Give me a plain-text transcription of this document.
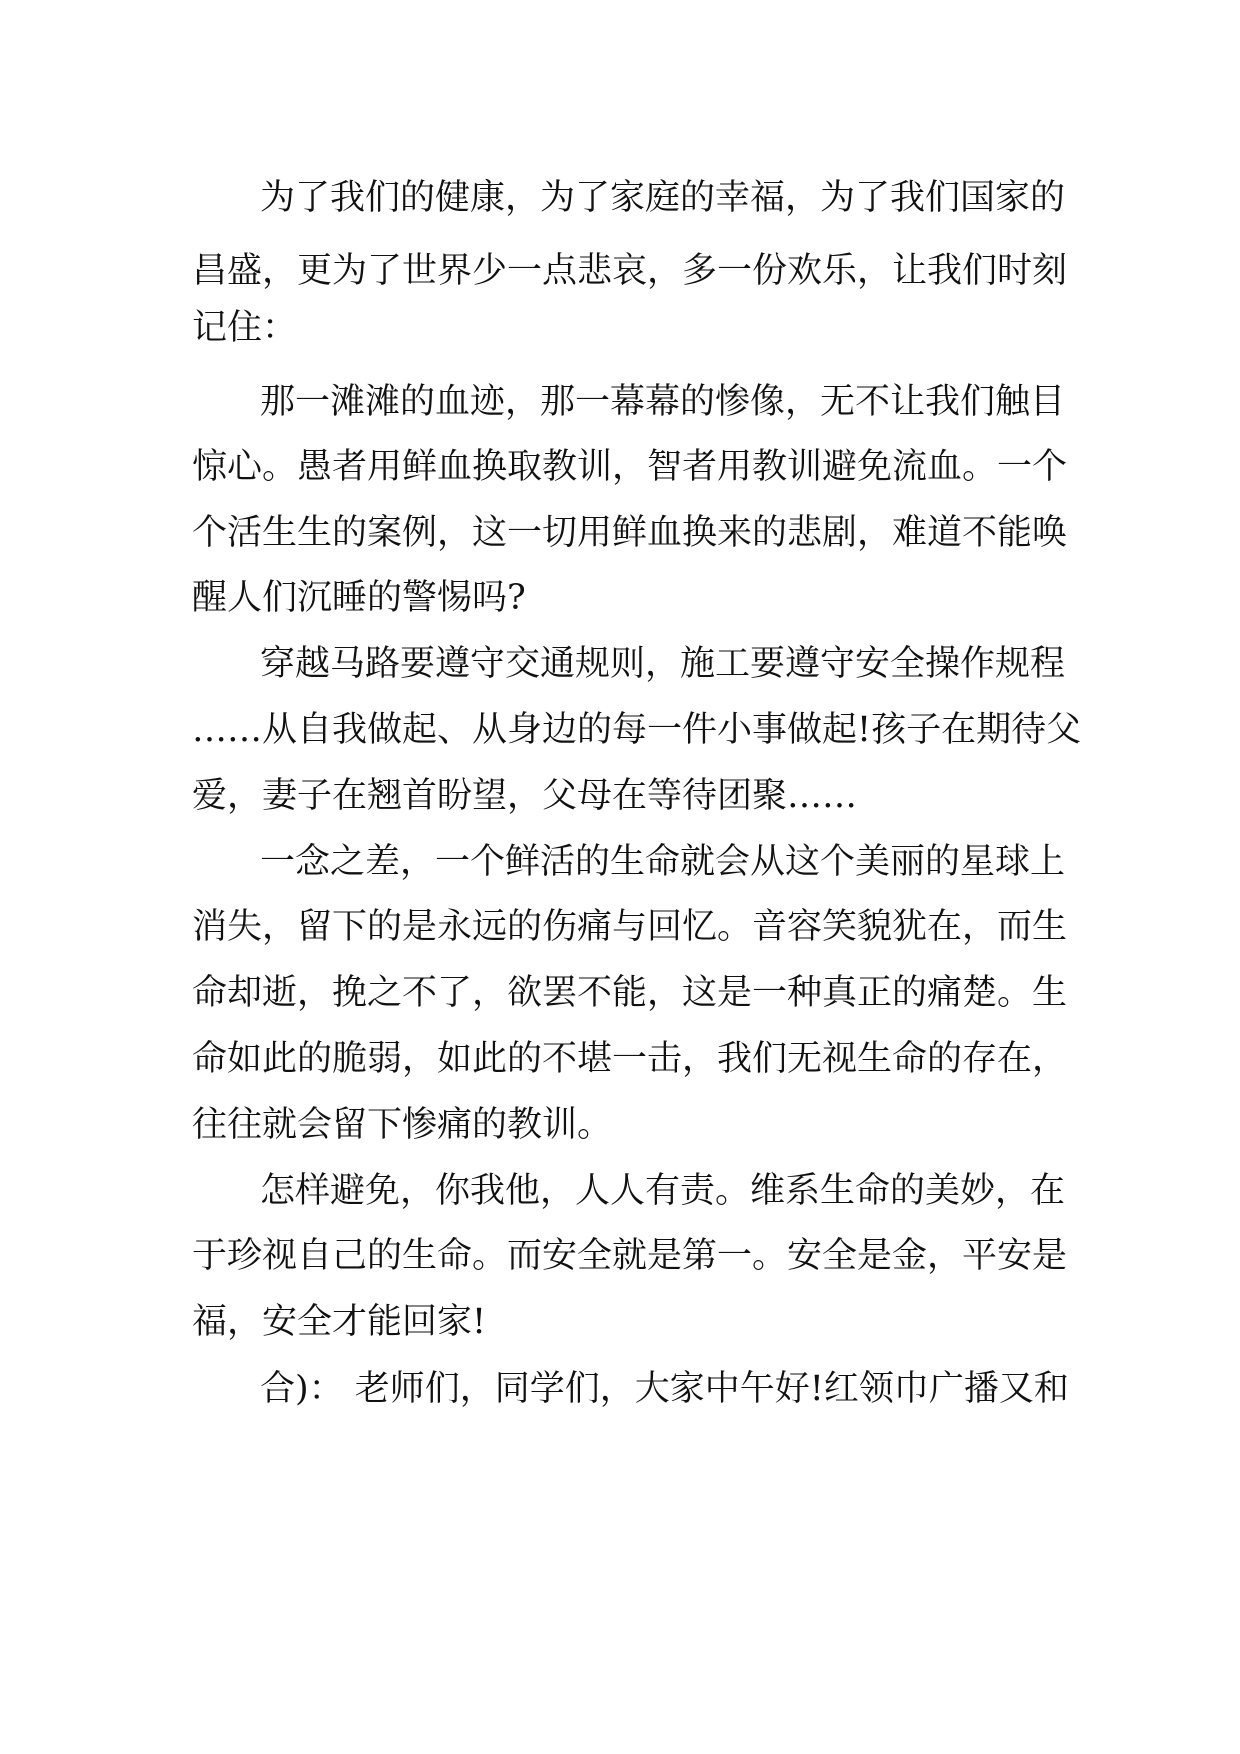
为了我们的健康，为了家庭的幸福，为了我们国家的
昌盛，更为了世界少一点悲哀，多一份欢乐，让我们时刻
记住：
那一滩滩的血迹，那一幕幕的惨像，无不让我们触目
惊心。愚者用鲜血换取教训，智者用教训避免流血。一个
个活生生的案例，这一切用鲜血换来的悲剧，难道不能唤
醒人们沉睡的警惕吗?
穿越马路要遵守交通规则，施工要遵守安全操作规程
……从自我做起、从身边的每一件小事做起!孩子在期待父
爱，妻子在翘首盼望，父母在等待团聚……
一念之差，一个鲜活的生命就会从这个美丽的星球上
消失，留下的是永远的伤痛与回忆。音容笑貌犹在，而生
命却逝，挽之不了，欲罢不能，这是一种真正的痛楚。生
命如此的脆弱，如此的不堪一击，我们无视生命的存在，
往往就会留下惨痛的教训。
怎样避免，你我他，人人有责。维系生命的美妙，在
于珍视自己的生命。而安全就是第一。安全是金，平安是
福，安全才能回家!
合)： 老师们，同学们，大家中午好!红领巾广播又和
